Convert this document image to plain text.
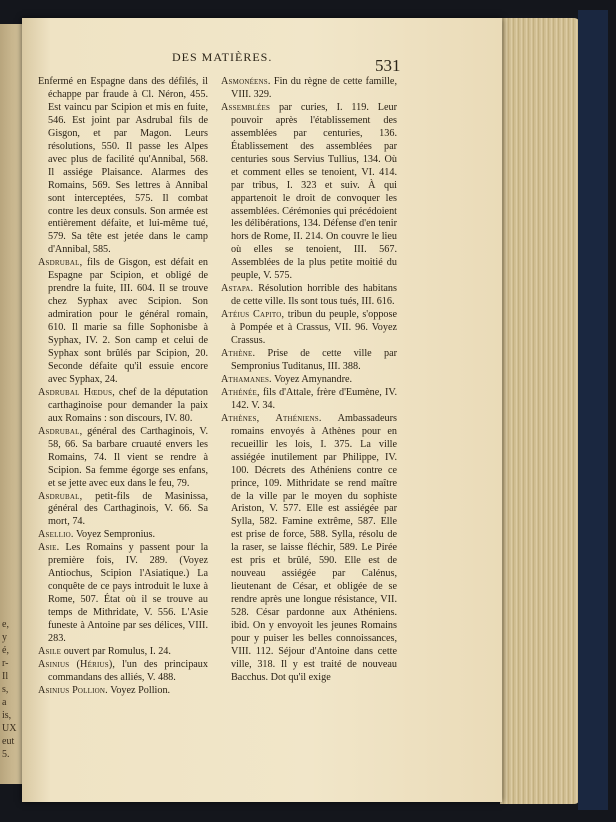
e,
y
é,
r-
Il
s,
a
is,
UX
eut
5.
DES MATIÈRES.	531

Enfermé en Espagne dans des défilés, il échappe par fraude à Cl. Néron, 455. Est vaincu par Scipion et mis en fuite, 546. Est joint par Asdrubal fils de Gisgon, et par Magon. Leurs résolutions, 550. Il passe les Alpes avec plus de facilité qu'Annibal, 568. Il assiége Plaisance. Alarmes des Romains, 569. Ses lettres à Annibal sont interceptées, 575. Il combat contre les deux consuls. Son armée est entièrement défaite, et lui-même tué, 579. Sa tête est jetée dans le camp d'Annibal, 585.

Asdrubal, fils de Gisgon, est défait en Espagne par Scipion, et obligé de prendre la fuite, III. 604. Il se trouve chez Syphax avec Scipion. Son admiration pour le général romain, 610. Il marie sa fille Sophonisbe à Syphax, IV. 2. Son camp et celui de Syphax sont brûlés par Scipion, 20. Seconde défaite qu'il essuie encore avec Syphax, 24.

Asdrubal Hœdus, chef de la députation carthaginoise pour demander la paix aux Romains : son discours, IV. 80.

Asdrubal, général des Carthaginois, V. 58, 66. Sa barbare cruauté envers les Romains, 74. Il vient se rendre à Scipion. Sa femme égorge ses enfans, et se jette avec eux dans le feu, 79.

Asdrubal, petit-fils de Masinissa, général des Carthaginois, V. 66. Sa mort, 74.

Asellio. Voyez Sempronius.

Asie. Les Romains y passent pour la première fois, IV. 289. (Voyez Antiochus, Scipion l'Asiatique.) La conquête de ce pays introduit le luxe à Rome, 507. État où il se trouve au temps de Mithridate, V. 556. L'Asie funeste à Antoine par ses délices, VIII. 283.

Asile ouvert par Romulus, I. 24.

Asinius (Hérius), l'un des principaux commandans des alliés, V. 488.

Asinius Pollion. Voyez Pollion.

Asmonéens. Fin du règne de cette famille, VIII. 329.

Assemblées par curies, I. 119. Leur pouvoir après l'établissement des assemblées par centuries, 136. Établissement des assemblées par centuries sous Servius Tullius, 134. Où et comment elles se tenoient, VI. 414. par tribus, I. 323 et suiv. À qui appartenoit le droit de convoquer les assemblées. Cérémonies qui précédoient les délibérations, 134. Défense d'en tenir hors de Rome, II. 214. On couvre le lieu où elles se tenoient, III. 567. Assemblées de la plus petite moitié du peuple, V. 575.

Astapa. Résolution horrible des habitans de cette ville. Ils sont tous tués, III. 616.

Atéius Capito, tribun du peuple, s'oppose à Pompée et à Crassus, VII. 96. Voyez Crassus.

Athène. Prise de cette ville par Sempronius Tuditanus, III. 388.

Athamanes. Voyez Amynandre.

Athénée, fils d'Attale, frère d'Eumène, IV. 142. V. 34.

Athènes, Athéniens. Ambassadeurs romains envoyés à Athènes pour en recueillir les lois, I. 375. La ville assiégée inutilement par Philippe, IV. 100. Décrets des Athéniens contre ce prince, 109. Mithridate se rend maître de la ville par le moyen du sophiste Ariston, V. 577. Elle est assiégée par Sylla, 582. Famine extrême, 587. Elle est prise de force, 588. Sylla, résolu de la raser, se laisse fléchir, 589. Le Pirée est pris et brûlé, 590. Elle est de nouveau assiégée par Calénus, lieutenant de César, et obligée de se rendre après une longue résistance, VII. 528. César pardonne aux Athéniens. ibid. On y envoyoit les jeunes Romains pour y puiser les belles connoissances, VIII. 112. Séjour d'Antoine dans cette ville, 318. Il y est traité de nouveau Bacchus. Dot qu'il exige
